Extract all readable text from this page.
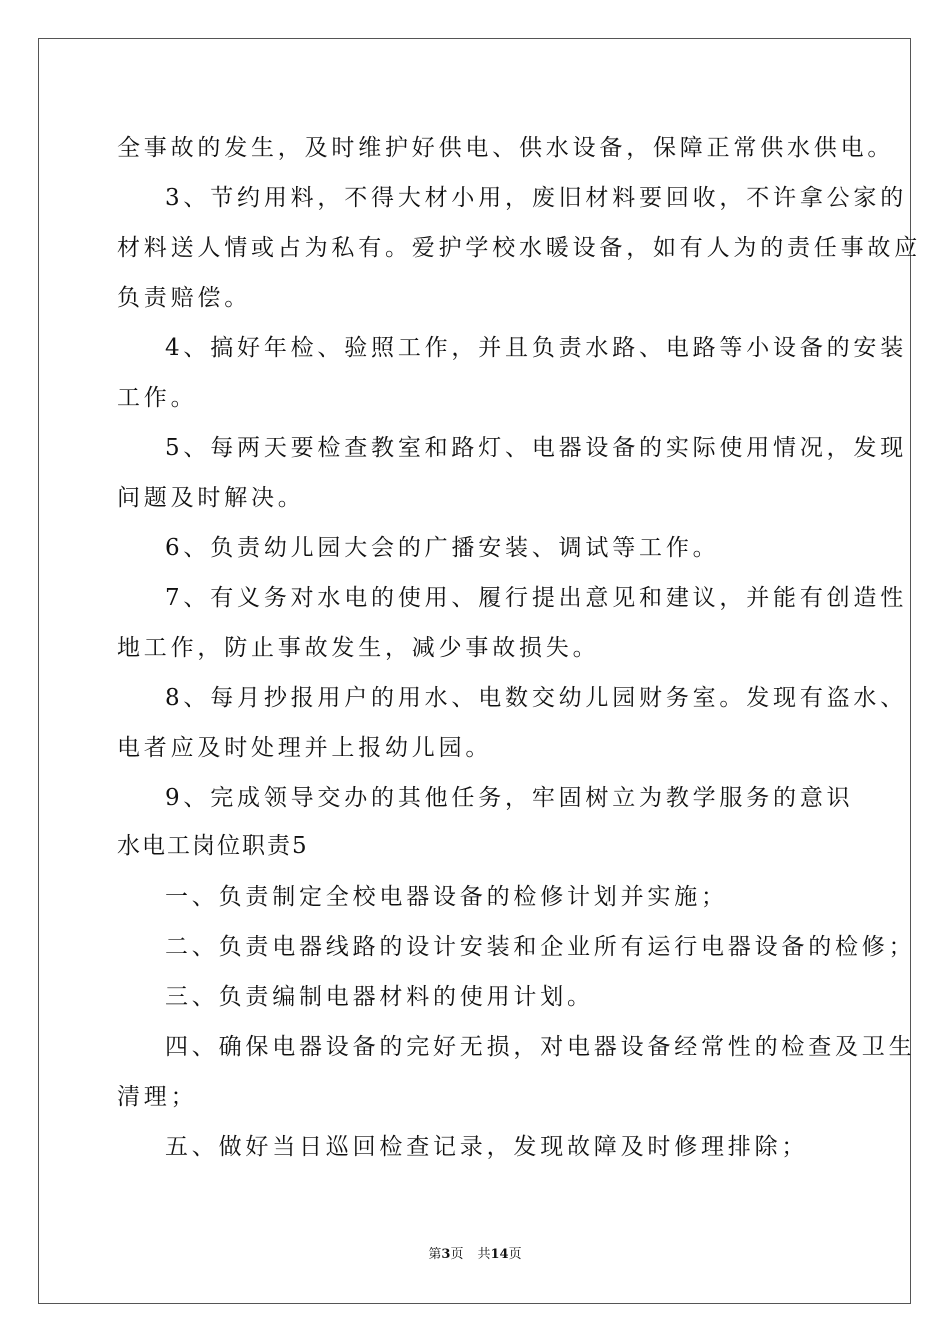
全事故的发生，及时维护好供电、供水设备，保障正常供水供电。
3、节约用料，不得大材小用，废旧材料要回收，不许拿公家的
材料送人情或占为私有。爱护学校水暖设备，如有人为的责任事故应
负责赔偿。
4、搞好年检、验照工作，并且负责水路、电路等小设备的安装
工作。
5、每两天要检查教室和路灯、电器设备的实际使用情况，发现
问题及时解决。
6、负责幼儿园大会的广播安装、调试等工作。
7、有义务对水电的使用、履行提出意见和建议，并能有创造性
地工作，防止事故发生，减少事故损失。
8、每月抄报用户的用水、电数交幼儿园财务室。发现有盗水、
电者应及时处理并上报幼儿园。
9、完成领导交办的其他任务，牢固树立为教学服务的意识
水电工岗位职责5
一、负责制定全校电器设备的检修计划并实施；
二、负责电器线路的设计安装和企业所有运行电器设备的检修；
三、负责编制电器材料的使用计划。
四、确保电器设备的完好无损，对电器设备经常性的检查及卫生
清理；
五、做好当日巡回检查记录，发现故障及时修理排除；
第3页 共14页
